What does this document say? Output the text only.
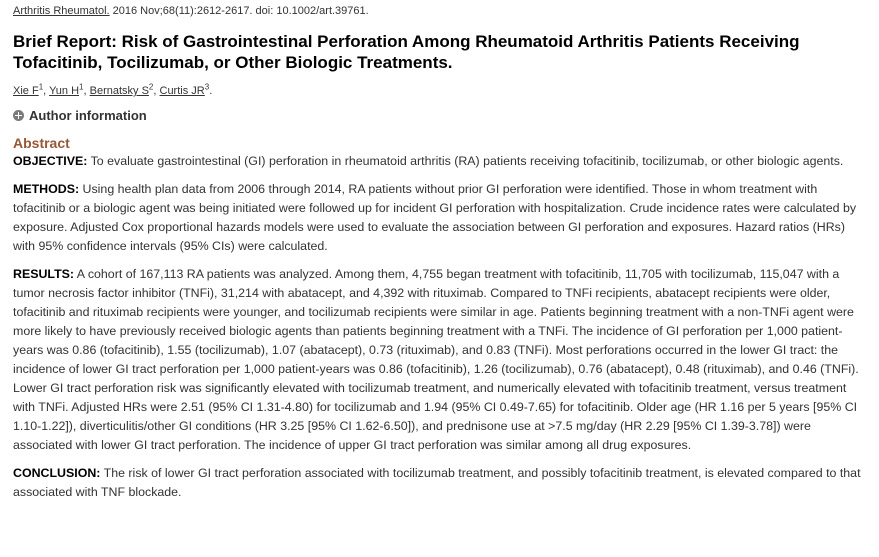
Arthritis Rheumatol. 2016 Nov;68(11):2612-2617. doi: 10.1002/art.39761.
Brief Report: Risk of Gastrointestinal Perforation Among Rheumatoid Arthritis Patients Receiving Tofacitinib, Tocilizumab, or Other Biologic Treatments.
Xie $F^1$, Yun $H^1$, Bernatsky $S^2$, Curtis $JR^3$.
Author information
Abstract

OBJECTIVE: To evaluate gastrointestinal (GI) perforation in rheumatoid arthritis (RA) patients receiving tofacitinib, tocilizumab, or other biologic agents.

METHODS: Using health plan data from 2006 through 2014, RA patients without prior GI perforation were identified. Those in whom treatment with tofacitinib or a biologic agent was being initiated were followed up for incident GI perforation with hospitalization. Crude incidence rates were calculated by exposure. Adjusted Cox proportional hazards models were used to evaluate the association between GI perforation and exposures. Hazard ratios (HRs) with 95% confidence intervals (95% CIs) were calculated.

RESULTS: A cohort of 167,113 RA patients was analyzed. Among them, 4,755 began treatment with tofacitinib, 11,705 with tocilizumab, 115,047 with a tumor necrosis factor inhibitor (TNFi), 31,214 with abatacept, and 4,392 with rituximab. Compared to TNFi recipients, abatacept recipients were older, tofacitinib and rituximab recipients were younger, and tocilizumab recipients were similar in age. Patients beginning treatment with a non-TNFi agent were more likely to have previously received biologic agents than patients beginning treatment with a TNFi. The incidence of GI perforation per 1,000 patient-years was 0.86 (tofacitinib), 1.55 (tocilizumab), 1.07 (abatacept), 0.73 (rituximab), and 0.83 (TNFi). Most perforations occurred in the lower GI tract: the incidence of lower GI tract perforation per 1,000 patient-years was 0.86 (tofacitinib), 1.26 (tocilizumab), 0.76 (abatacept), 0.48 (rituximab), and 0.46 (TNFi). Lower GI tract perforation risk was significantly elevated with tocilizumab treatment, and numerically elevated with tofacitinib treatment, versus treatment with TNFi. Adjusted HRs were 2.51 (95% CI 1.31-4.80) for tocilizumab and 1.94 (95% CI 0.49-7.65) for tofacitinib. Older age (HR 1.16 per 5 years [95% CI 1.10-1.22]), diverticulitis/other GI conditions (HR 3.25 [95% CI 1.62-6.50]), and prednisone use at >7.5 mg/day (HR 2.29 [95% CI 1.39-3.78]) were associated with lower GI tract perforation. The incidence of upper GI tract perforation was similar among all drug exposures.

CONCLUSION: The risk of lower GI tract perforation associated with tocilizumab treatment, and possibly tofacitinib treatment, is elevated compared to that associated with TNF blockade.
